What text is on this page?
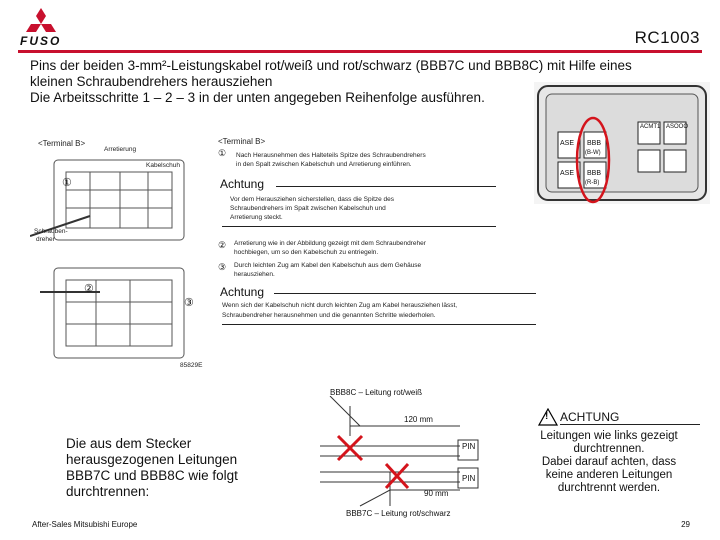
FUSO	RC1003
Pins der beiden 3-mm²-Leistungskabel rot/weiß und rot/schwarz (BBB7C und BBB8C) mit Hilfe eines
kleinen Schraubendrehers herausziehen
Die Arbeitsschritte 1 – 2 – 3 in der unten angegeben Reihenfolge ausführen.
ACMT1 ASOOO
ASE BBB
(B-W)
ASE BBB
(R-B)
<Terminal B>
Arretierung
Kabelschuh
Schrauben-
dreher
①
②
③
85829E
<Terminal B>
① Nach Herausnehmen des Halteteils Spitze des Schraubendrehers
in den Spalt zwischen Kabelschuh und Arretierung einführen.
Achtung
Vor dem Herausziehen sicherstellen, dass die Spitze des
Schraubendrehers im Spalt zwischen Kabelschuh und
Arretierung steckt.
② Arretierung wie in der Abbildung gezeigt mit dem Schraubendreher
hochbiegen, um so den Kabelschuh zu entriegeln.
③ Durch leichten Zug am Kabel den Kabelschuh aus dem Gehäuse
herausziehen.
Achtung
Wenn sich der Kabelschuh nicht durch leichten Zug am Kabel herausziehen lässt,
Schraubendreher herausnehmen und die genannten Schritte wiederholen.
BBB8C – Leitung rot/weiß
120 mm
PIN
PIN
90 mm
BBB7C – Leitung rot/schwarz
! ACHTUNG
Leitungen wie links gezeigt
durchtrennen.
Dabei darauf achten, dass
keine anderen Leitungen
durchtrennt werden.
Die aus dem Stecker
herausgezogenen Leitungen
BBB7C und BBB8C wie folgt
durchtrennen:
After-Sales Mitsubishi Europe	29
